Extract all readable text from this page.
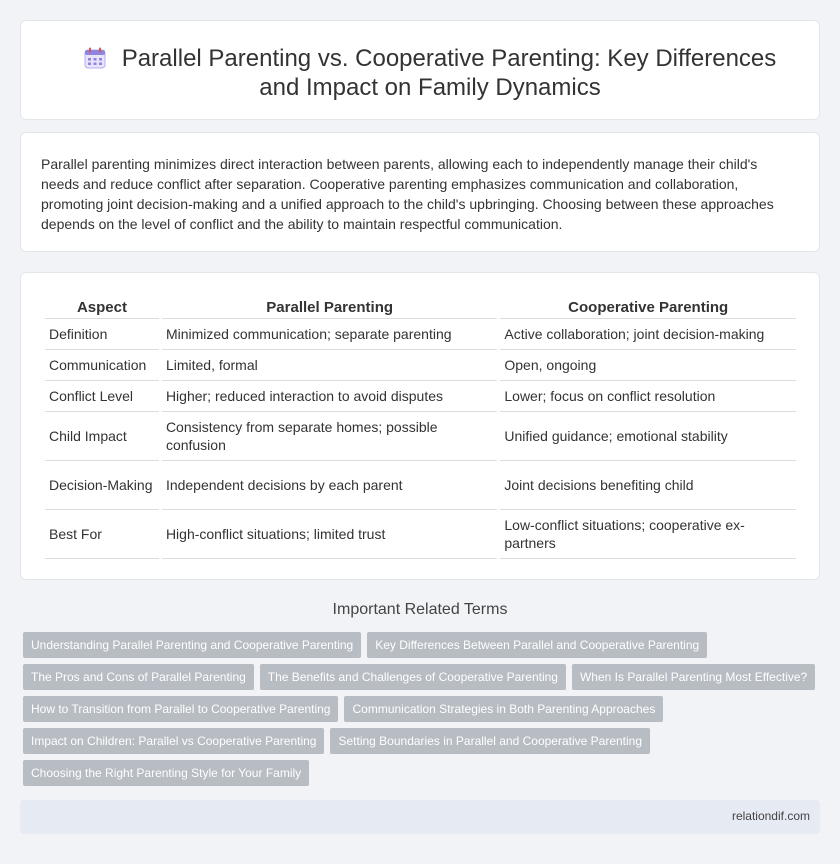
Parallel Parenting vs. Cooperative Parenting: Key Differences and Impact on Family Dynamics

Parallel parenting minimizes direct interaction between parents, allowing each to independently manage their child's needs and reduce conflict after separation. Cooperative parenting emphasizes communication and collaboration, promoting joint decision-making and a unified approach to the child's upbringing. Choosing between these approaches depends on the level of conflict and the ability to maintain respectful communication.

Aspect	Parallel Parenting	Cooperative Parenting
Definition	Minimized communication; separate parenting	Active collaboration; joint decision-making
Communication	Limited, formal	Open, ongoing
Conflict Level	Higher; reduced interaction to avoid disputes	Lower; focus on conflict resolution
Child Impact	Consistency from separate homes; possible confusion	Unified guidance; emotional stability
Decision-Making	Independent decisions by each parent	Joint decisions benefiting child
Best For	High-conflict situations; limited trust	Low-conflict situations; cooperative ex-partners
Important Related Terms
Understanding Parallel Parenting and Cooperative Parenting Key Differences Between Parallel and Cooperative Parenting
The Pros and Cons of Parallel Parenting The Benefits and Challenges of Cooperative Parenting When Is Parallel Parenting Most Effective?
How to Transition from Parallel to Cooperative Parenting Communication Strategies in Both Parenting Approaches
Impact on Children: Parallel vs Cooperative Parenting Setting Boundaries in Parallel and Cooperative Parenting
Choosing the Right Parenting Style for Your Family
relationdif.com
